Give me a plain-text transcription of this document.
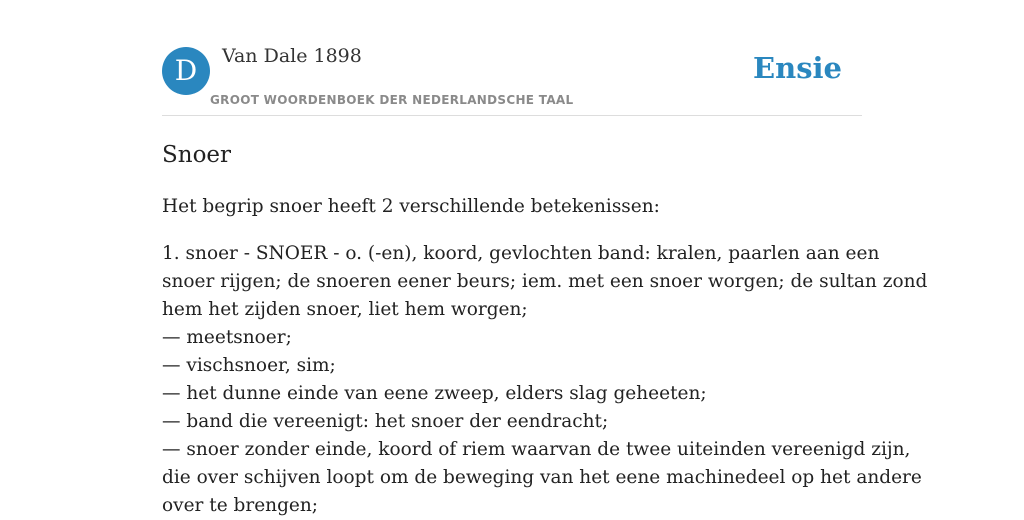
D	Van Dale 1898
GROOT WOORDENBOEK DER NEDERLANDSCHE TAAL
Ensie
Snoer

Het begrip snoer heeft 2 verschillende betekenissen:

1. snoer - SNOER - o. (-en), koord, gevlochten band: kralen, paarlen aan een
snoer rijgen; de snoeren eener beurs; iem. met een snoer worgen; de sultan zond
hem het zijden snoer, liet hem worgen;
— meetsnoer;
— vischsnoer, sim;
— het dunne einde van eene zweep, elders slag geheeten;
— band die vereenigt: het snoer der eendracht;
— snoer zonder einde, koord of riem waarvan de twee uiteinden vereenigd zijn,
die over schijven loopt om de beweging van het eene machinedeel op het andere
over te brengen;
